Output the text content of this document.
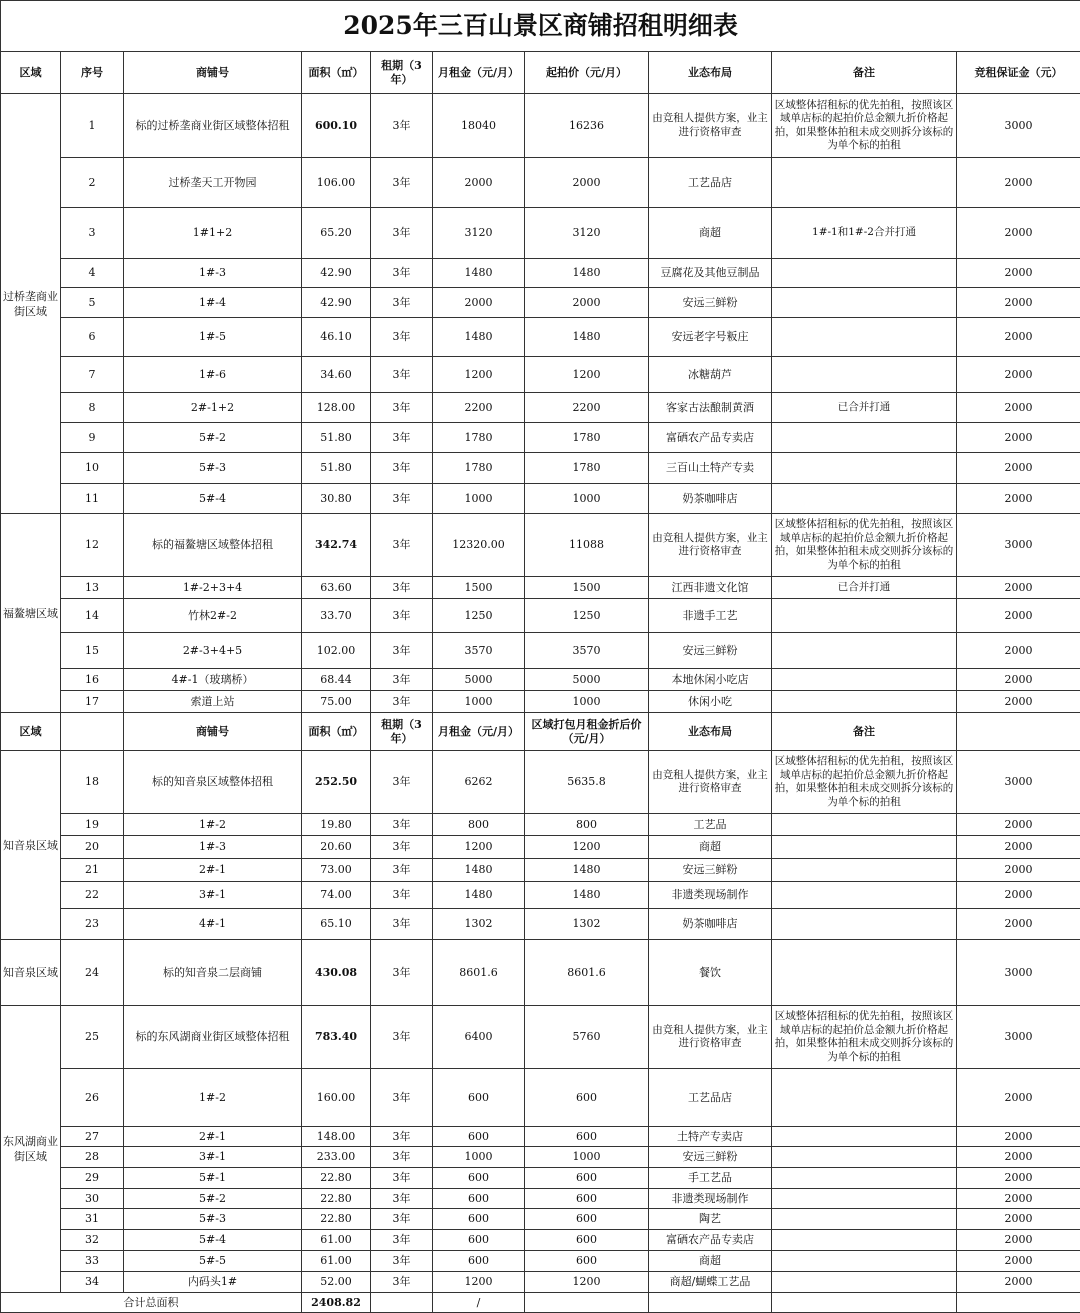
2025年三百山景区商铺招租明细表									
区域	序号	商铺号	面积（㎡）	租期（3年）	月租金（元/月）	起拍价（元/月）	业态布局	备注	竞租保证金（元）
过桥垄商业街区域	1	标的过桥垄商业街区域整体招租	600.10	3年	18040	16236	由竞租人提供方案，业主进行资格审查	区域整体招租标的优先拍租，按照该区域单店标的起拍价总金额九折价格起拍，如果整体拍租未成交则拆分该标的为单个标的拍租	3000
	2	过桥垄天工开物园	106.00	3年	2000	2000	工艺品店		2000
	3	1#1+2	65.20	3年	3120	3120	商超	1#-1和1#-2合并打通	2000
	4	1#-3	42.90	3年	1480	1480	豆腐花及其他豆制品		2000
	5	1#-4	42.90	3年	2000	2000	安远三鲜粉		2000
	6	1#-5	46.10	3年	1480	1480	安远老字号粄庄		2000
	7	1#-6	34.60	3年	1200	1200	冰糖葫芦		2000
	8	2#-1+2	128.00	3年	2200	2200	客家古法酿制黄酒	已合并打通	2000
	9	5#-2	51.80	3年	1780	1780	富硒农产品专卖店		2000
	10	5#-3	51.80	3年	1780	1780	三百山土特产专卖		2000
	11	5#-4	30.80	3年	1000	1000	奶茶咖啡店		2000
福鳌塘区域	12	标的福鳌塘区域整体招租	342.74	3年	12320.00	11088	由竞租人提供方案，业主进行资格审查	区域整体招租标的优先拍租，按照该区域单店标的起拍价总金额九折价格起拍，如果整体拍租未成交则拆分该标的为单个标的拍租	3000
	13	1#-2+3+4	63.60	3年	1500	1500	江西非遗文化馆	已合并打通	2000
	14	竹林2#-2	33.70	3年	1250	1250	非遗手工艺		2000
	15	2#-3+4+5	102.00	3年	3570	3570	安远三鲜粉		2000
	16	4#-1（玻璃桥）	68.44	3年	5000	5000	本地休闲小吃店		2000
	17	索道上站	75.00	3年	1000	1000	休闲小吃		2000
区域		商铺号	面积（㎡）	租期（3年）	月租金（元/月）	区域打包月租金折后价（元/月）	业态布局	备注	
知音泉区域	18	标的知音泉区域整体招租	252.50	3年	6262	5635.8	由竞租人提供方案，业主进行资格审查	区域整体招租标的优先拍租，按照该区域单店标的起拍价总金额九折价格起拍，如果整体拍租未成交则拆分该标的为单个标的拍租	3000
	19	1#-2	19.80	3年	800	800	工艺品		2000
	20	1#-3	20.60	3年	1200	1200	商超		2000
	21	2#-1	73.00	3年	1480	1480	安远三鲜粉		2000
	22	3#-1	74.00	3年	1480	1480	非遗类现场制作		2000
	23	4#-1	65.10	3年	1302	1302	奶茶咖啡店		2000
知音泉区域	24	标的知音泉二层商铺	430.08	3年	8601.6	8601.6	餐饮		3000
东风湖商业街区域	25	标的东风湖商业街区域整体招租	783.40	3年	6400	5760	由竞租人提供方案，业主进行资格审查	区域整体招租标的优先拍租，按照该区域单店标的起拍价总金额九折价格起拍，如果整体拍租未成交则拆分该标的为单个标的拍租	3000
	26	1#-2	160.00	3年	600	600	工艺品店		2000
	27	2#-1	148.00	3年	600	600	土特产专卖店		2000
	28	3#-1	233.00	3年	1000	1000	安远三鲜粉		2000
	29	5#-1	22.80	3年	600	600	手工艺品		2000
	30	5#-2	22.80	3年	600	600	非遗类现场制作		2000
	31	5#-3	22.80	3年	600	600	陶艺		2000
	32	5#-4	61.00	3年	600	600	富硒农产品专卖店		2000
	33	5#-5	61.00	3年	600	600	商超		2000
	34	内码头1#	52.00	3年	1200	1200	商超/蝴蝶工艺品		2000
合计总面积			2408.82		/				
